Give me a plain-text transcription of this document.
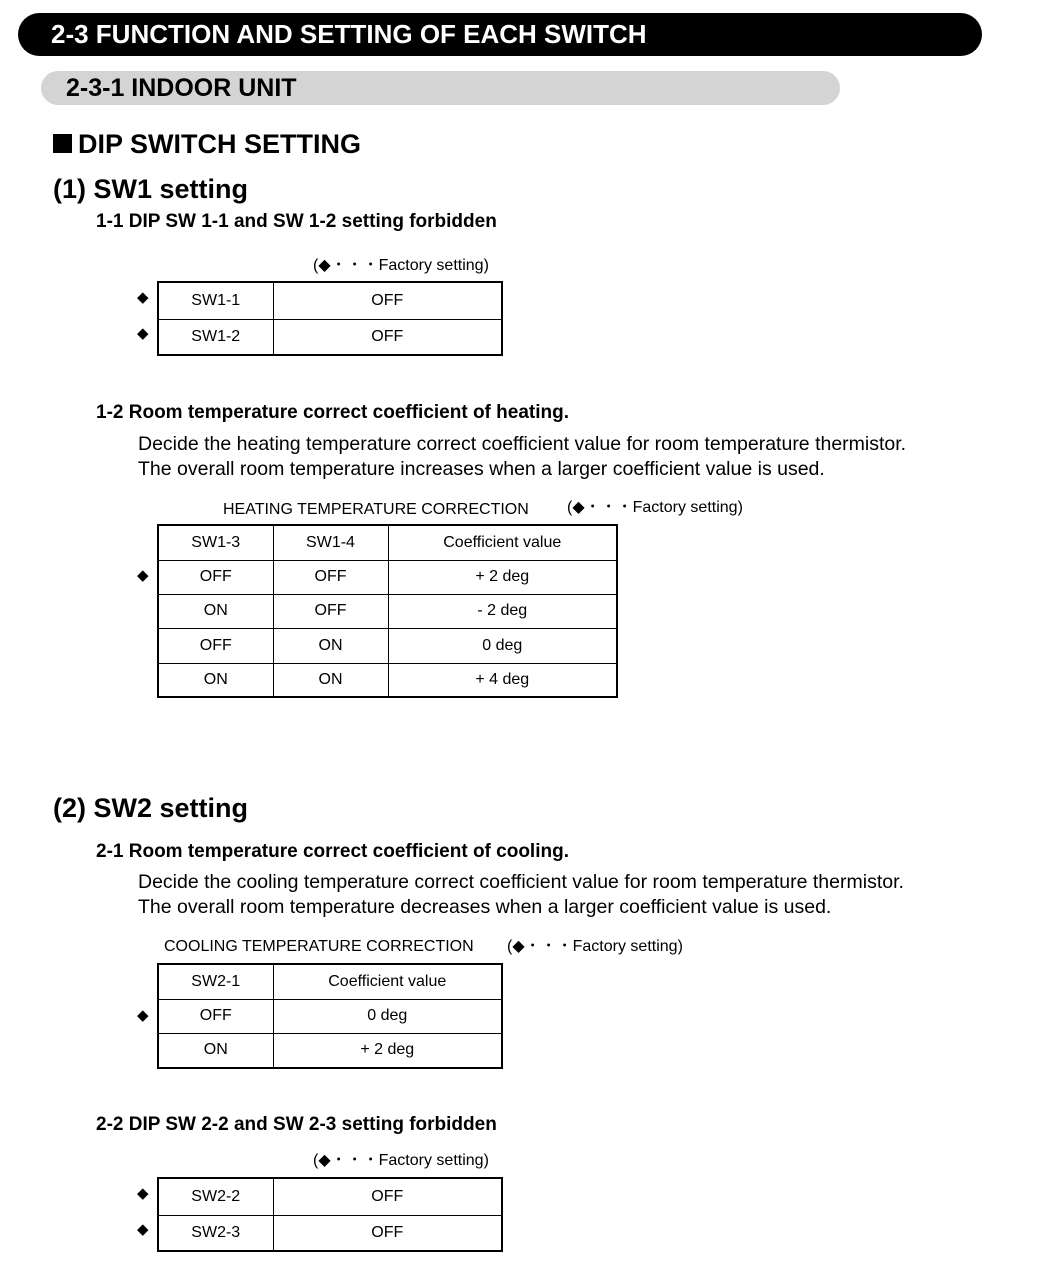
2-3 FUNCTION AND SETTING OF EACH SWITCH
2-3-1 INDOOR UNIT
DIP SWITCH SETTING
(1) SW1 setting
1-1 DIP SW 1-1 and SW 1-2 setting forbidden
(◆・・・Factory setting)
◆
◆
SW1-1	OFF
SW1-2	OFF
1-2 Room temperature correct coefficient of heating.
Decide the heating temperature correct coefficient value for room temperature thermistor.
The overall room temperature increases when a larger coefficient value is used.
HEATING TEMPERATURE CORRECTION (◆・・・Factory setting)
◆
SW1-3	SW1-4	Coefficient value
OFF	OFF	+ 2 deg
ON	OFF	- 2 deg
OFF	ON	0 deg
ON	ON	+ 4 deg
(2) SW2 setting
2-1 Room temperature correct coefficient of cooling.
Decide the cooling temperature correct coefficient value for room temperature thermistor.
The overall room temperature decreases when a larger coefficient value is used.
COOLING TEMPERATURE CORRECTION (◆・・・Factory setting)
◆
SW2-1	Coefficient value
OFF	0 deg
ON	+ 2 deg
2-2 DIP SW 2-2 and SW 2-3 setting forbidden
(◆・・・Factory setting)
◆
◆
SW2-2	OFF
SW2-3	OFF
